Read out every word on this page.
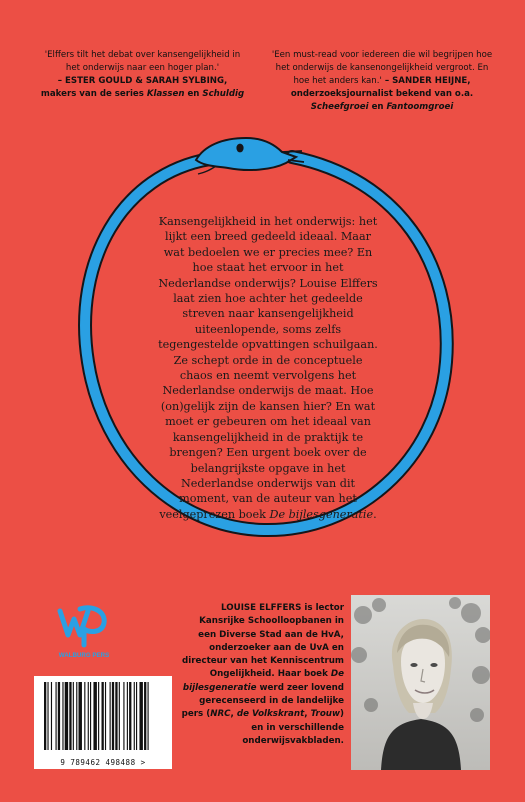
'Elffers tilt het debat over kansengelijkheid in het onderwijs naar een hoger plan.'
– ESTER GOULD & SARAH SYLBING, makers van de series Klassen en Schuldig
'Een must-read voor iedereen die wil begrijpen hoe het onderwijs de kansenongelijkheid vergroot. En hoe het anders kan.' – SANDER HEIJNE, onderzoeksjournalist bekend van o.a.
Scheefgroei en Fantoomgroei

Kansengelijkheid in het onderwijs: het lijkt een breed gedeeld ideaal. Maar wat bedoelen we er precies mee? En hoe staat het ervoor in het Nederlandse onderwijs? Louise Elffers laat zien hoe achter het gedeelde streven naar kansengelijkheid uiteenlopende, soms zelfs tegengestelde opvattingen schuilgaan. Ze schept orde in de conceptuele chaos en neemt vervolgens het Nederlandse onderwijs de maat. Hoe (on)gelijk zijn de kansen hier? En wat moet er gebeuren om het ideaal van kansengelijkheid in de praktijk te brengen? Een urgent boek over de belangrijkste opgave in het Nederlandse onderwijs van dit moment, van de auteur van het veelgeprezen boek De bijlesgeneratie.

WALBURG PERS
9 789462 498488 >
LOUISE ELFFERS is lector Kansrijke Schoolloopbanen in een Diverse Stad aan de HvA, onderzoeker aan de UvA en directeur van het Kenniscentrum Ongelijkheid. Haar boek De bijlesgeneratie werd zeer lovend gerecenseerd in de landelijke pers (NRC, de Volkskrant, Trouw) en in verschillende onderwijsvakbladen.
